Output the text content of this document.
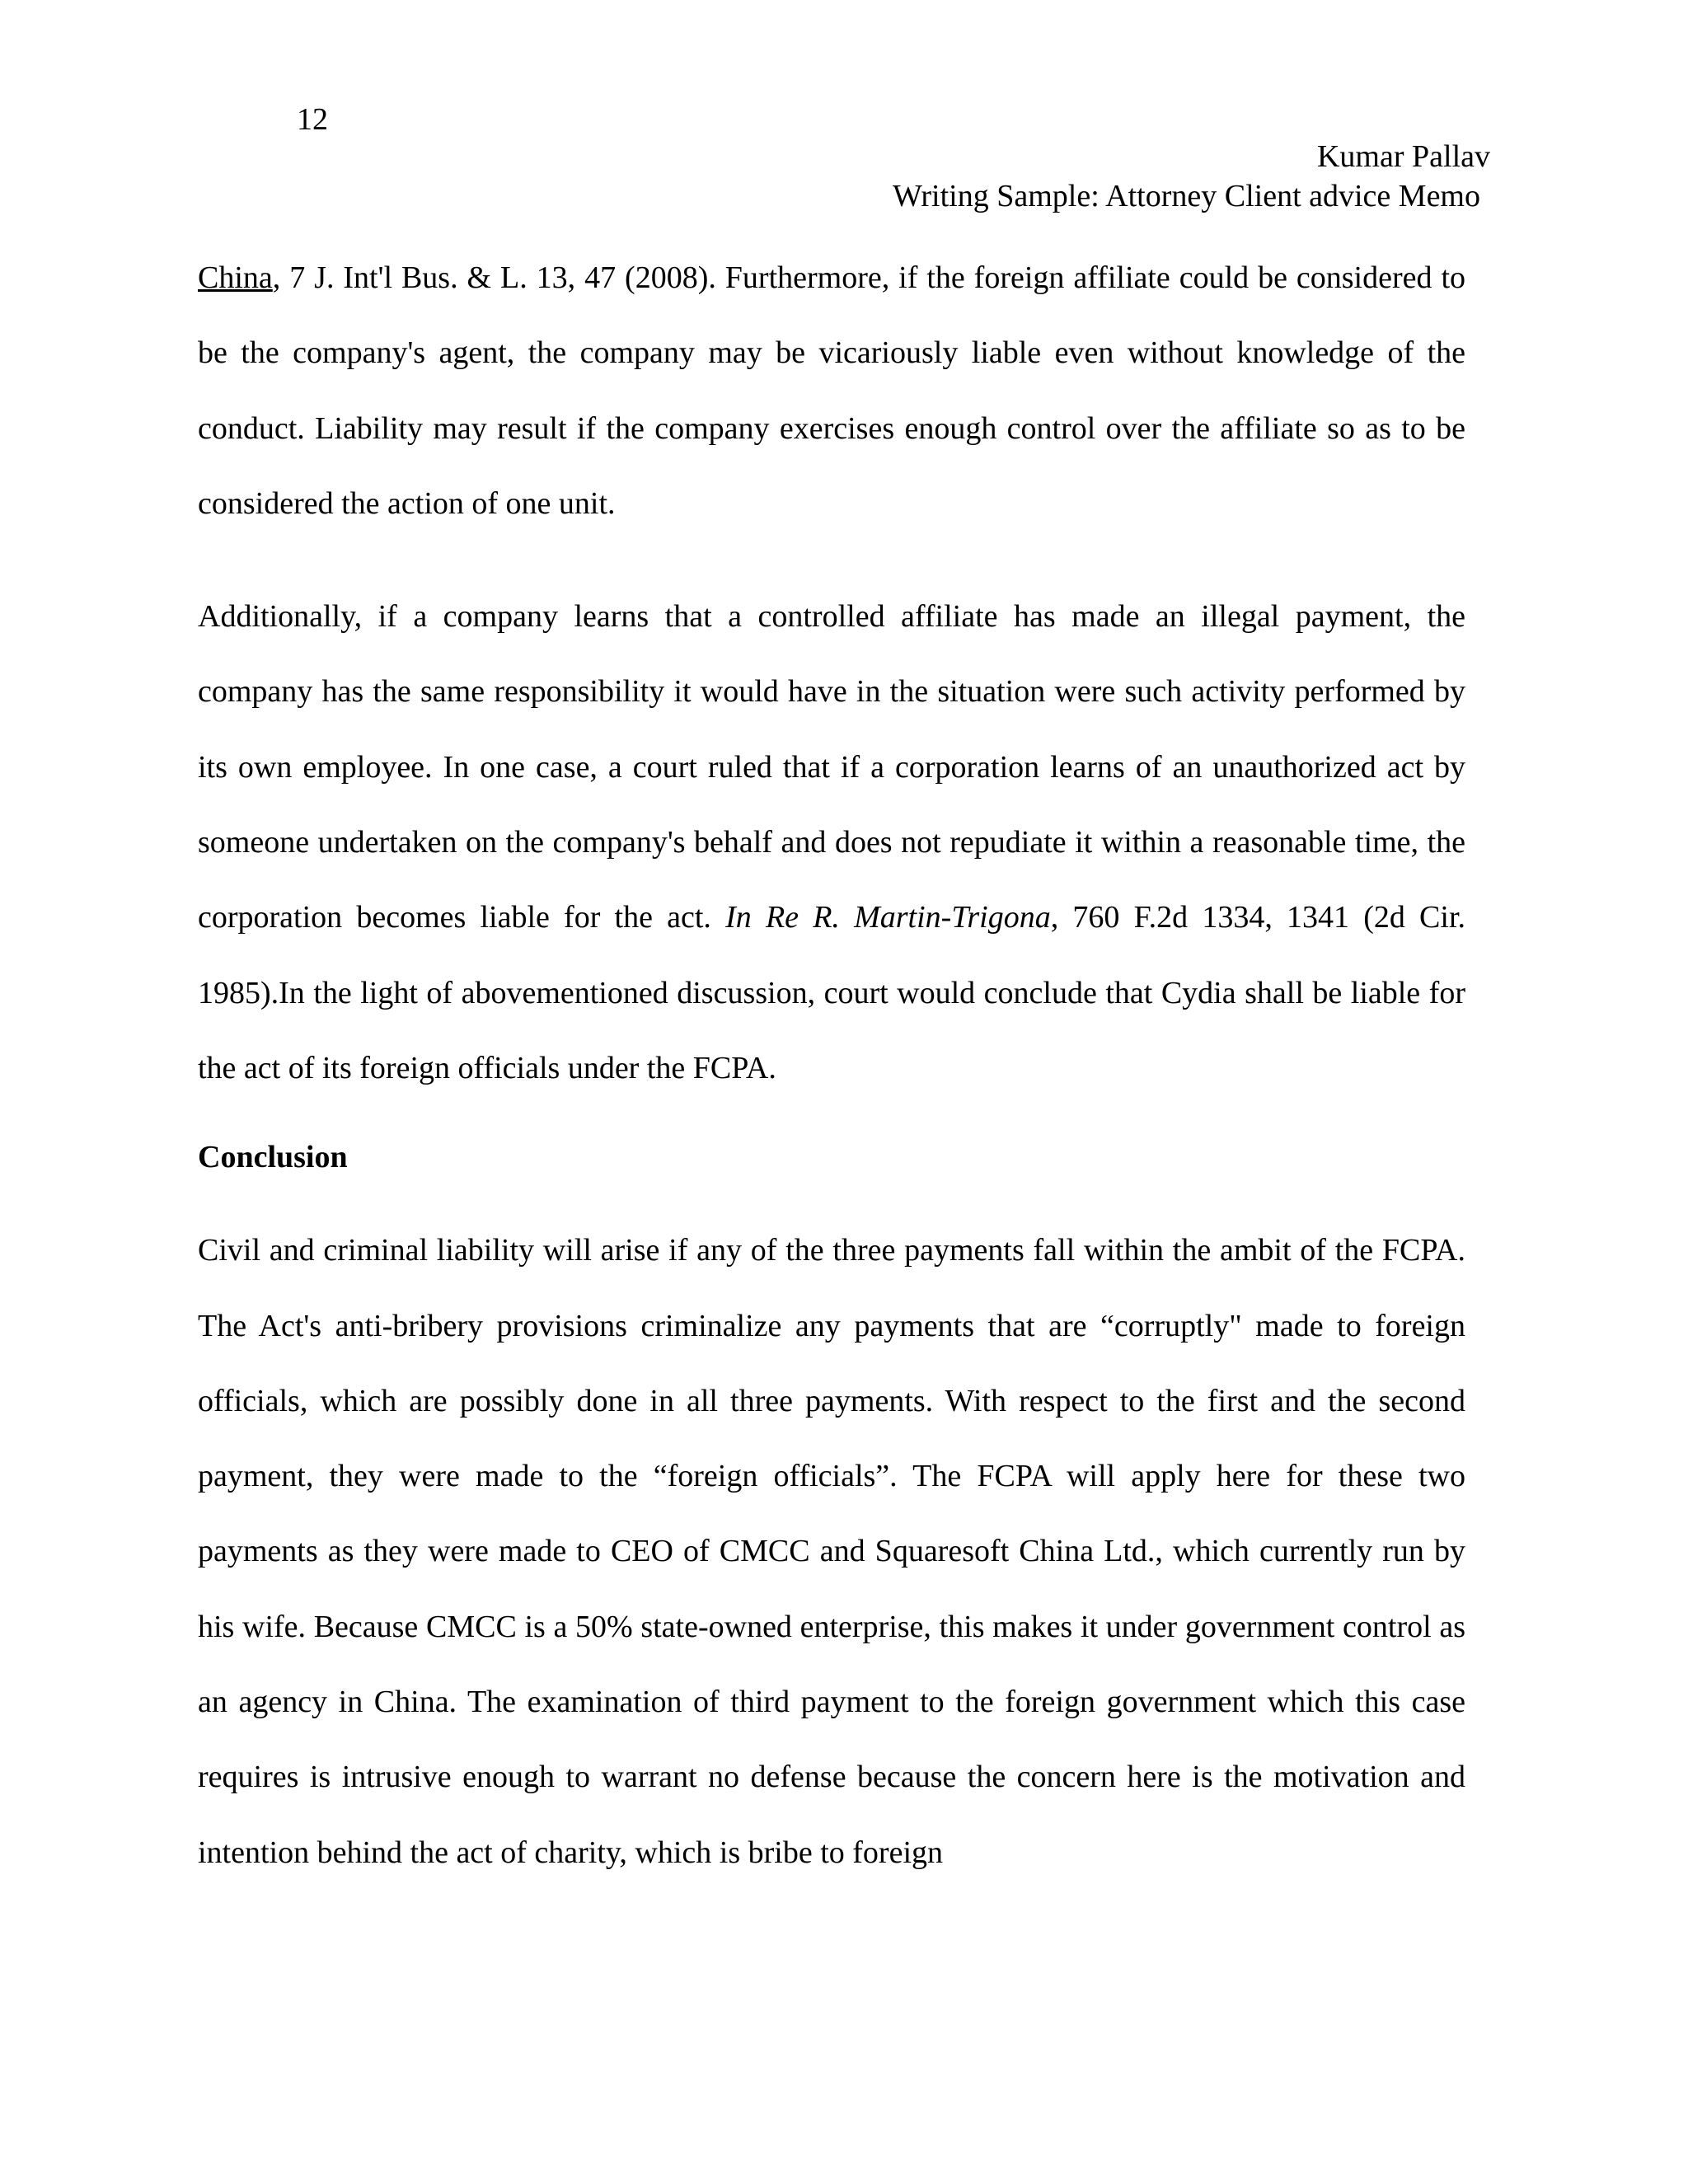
12
Kumar Pallav
Writing Sample: Attorney Client advice Memo

China, 7 J. Int'l Bus. & L. 13, 47 (2008). Furthermore, if the foreign affiliate could be considered to be the company's agent, the company may be vicariously liable even without knowledge of the conduct. Liability may result if the company exercises enough control over the affiliate so as to be considered the action of one unit.

Additionally, if a company learns that a controlled affiliate has made an illegal payment, the company has the same responsibility it would have in the situation were such activity performed by its own employee. In one case, a court ruled that if a corporation learns of an unauthorized act by someone undertaken on the company's behalf and does not repudiate it within a reasonable time, the corporation becomes liable for the act. In Re R. Martin-Trigona, 760 F.2d 1334, 1341 (2d Cir. 1985).In the light of abovementioned discussion, court would conclude that Cydia shall be liable for the act of its foreign officials under the FCPA.

Conclusion

Civil and criminal liability will arise if any of the three payments fall within the ambit of the FCPA. The Act's anti-bribery provisions criminalize any payments that are “corruptly" made to foreign officials, which are possibly done in all three payments. With respect to the first and the second payment, they were made to the “foreign officials”. The FCPA will apply here for these two payments as they were made to CEO of CMCC and Squaresoft China Ltd., which currently run by his wife. Because CMCC is a 50% state-owned enterprise, this makes it under government control as an agency in China. The examination of third payment to the foreign government which this case requires is intrusive enough to warrant no defense because the concern here is the motivation and intention behind the act of charity, which is bribe to foreign
